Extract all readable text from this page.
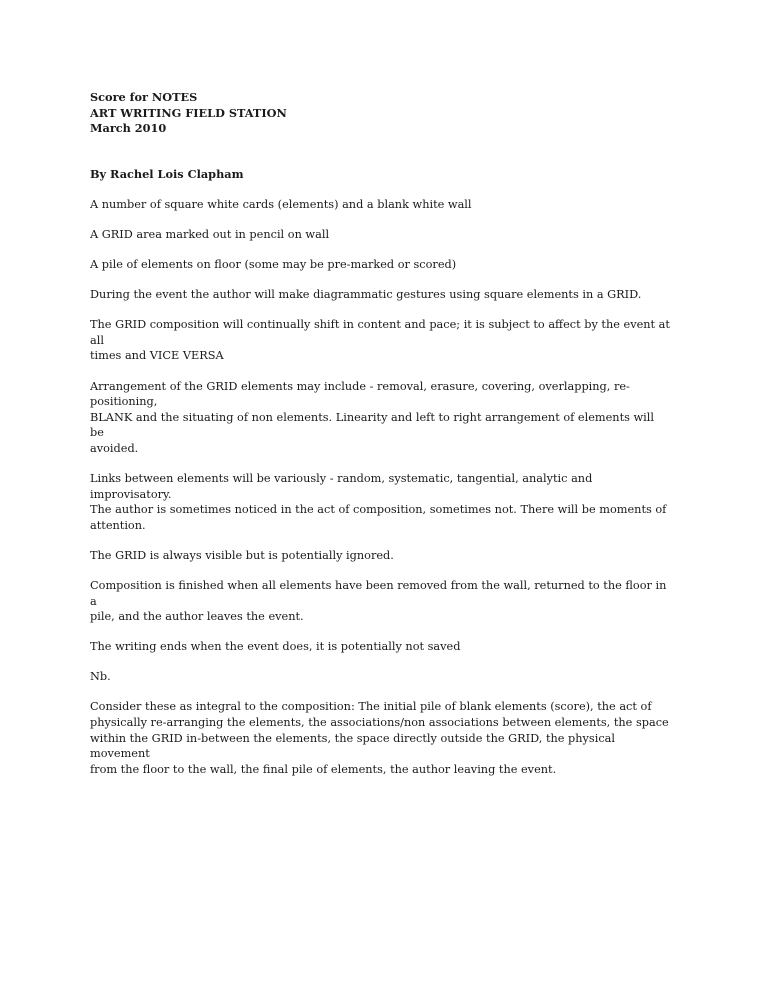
Score for NOTES
ART WRITING FIELD STATION
March 2010
By Rachel Lois Clapham
A number of square white cards (elements) and a blank white wall
A GRID area marked out in pencil on wall
A pile of elements on floor (some may be pre-marked or scored)
During the event the author will make diagrammatic gestures using square elements in a GRID.
The GRID composition will continually shift in content and pace; it is subject to affect by the event at all
times and VICE VERSA
Arrangement of the GRID elements may include - removal, erasure, covering, overlapping, re-
positioning,
BLANK and the situating of non elements. Linearity and left to right arrangement of elements will be
avoided.
Links between elements will be variously - random, systematic, tangential, analytic and improvisatory.
The author is sometimes noticed in the act of composition, sometimes not. There will be moments of
attention.
The GRID is always visible but is potentially ignored.
Composition is finished when all elements have been removed from the wall, returned to the floor in a
pile, and the author leaves the event.
The writing ends when the event does, it is potentially not saved
Nb.
Consider these as integral to the composition: The initial pile of blank elements (score), the act of
physically re-arranging the elements, the associations/non associations between elements, the space
within the GRID in-between the elements, the space directly outside the GRID, the physical movement
from the floor to the wall, the final pile of elements, the author leaving the event.
